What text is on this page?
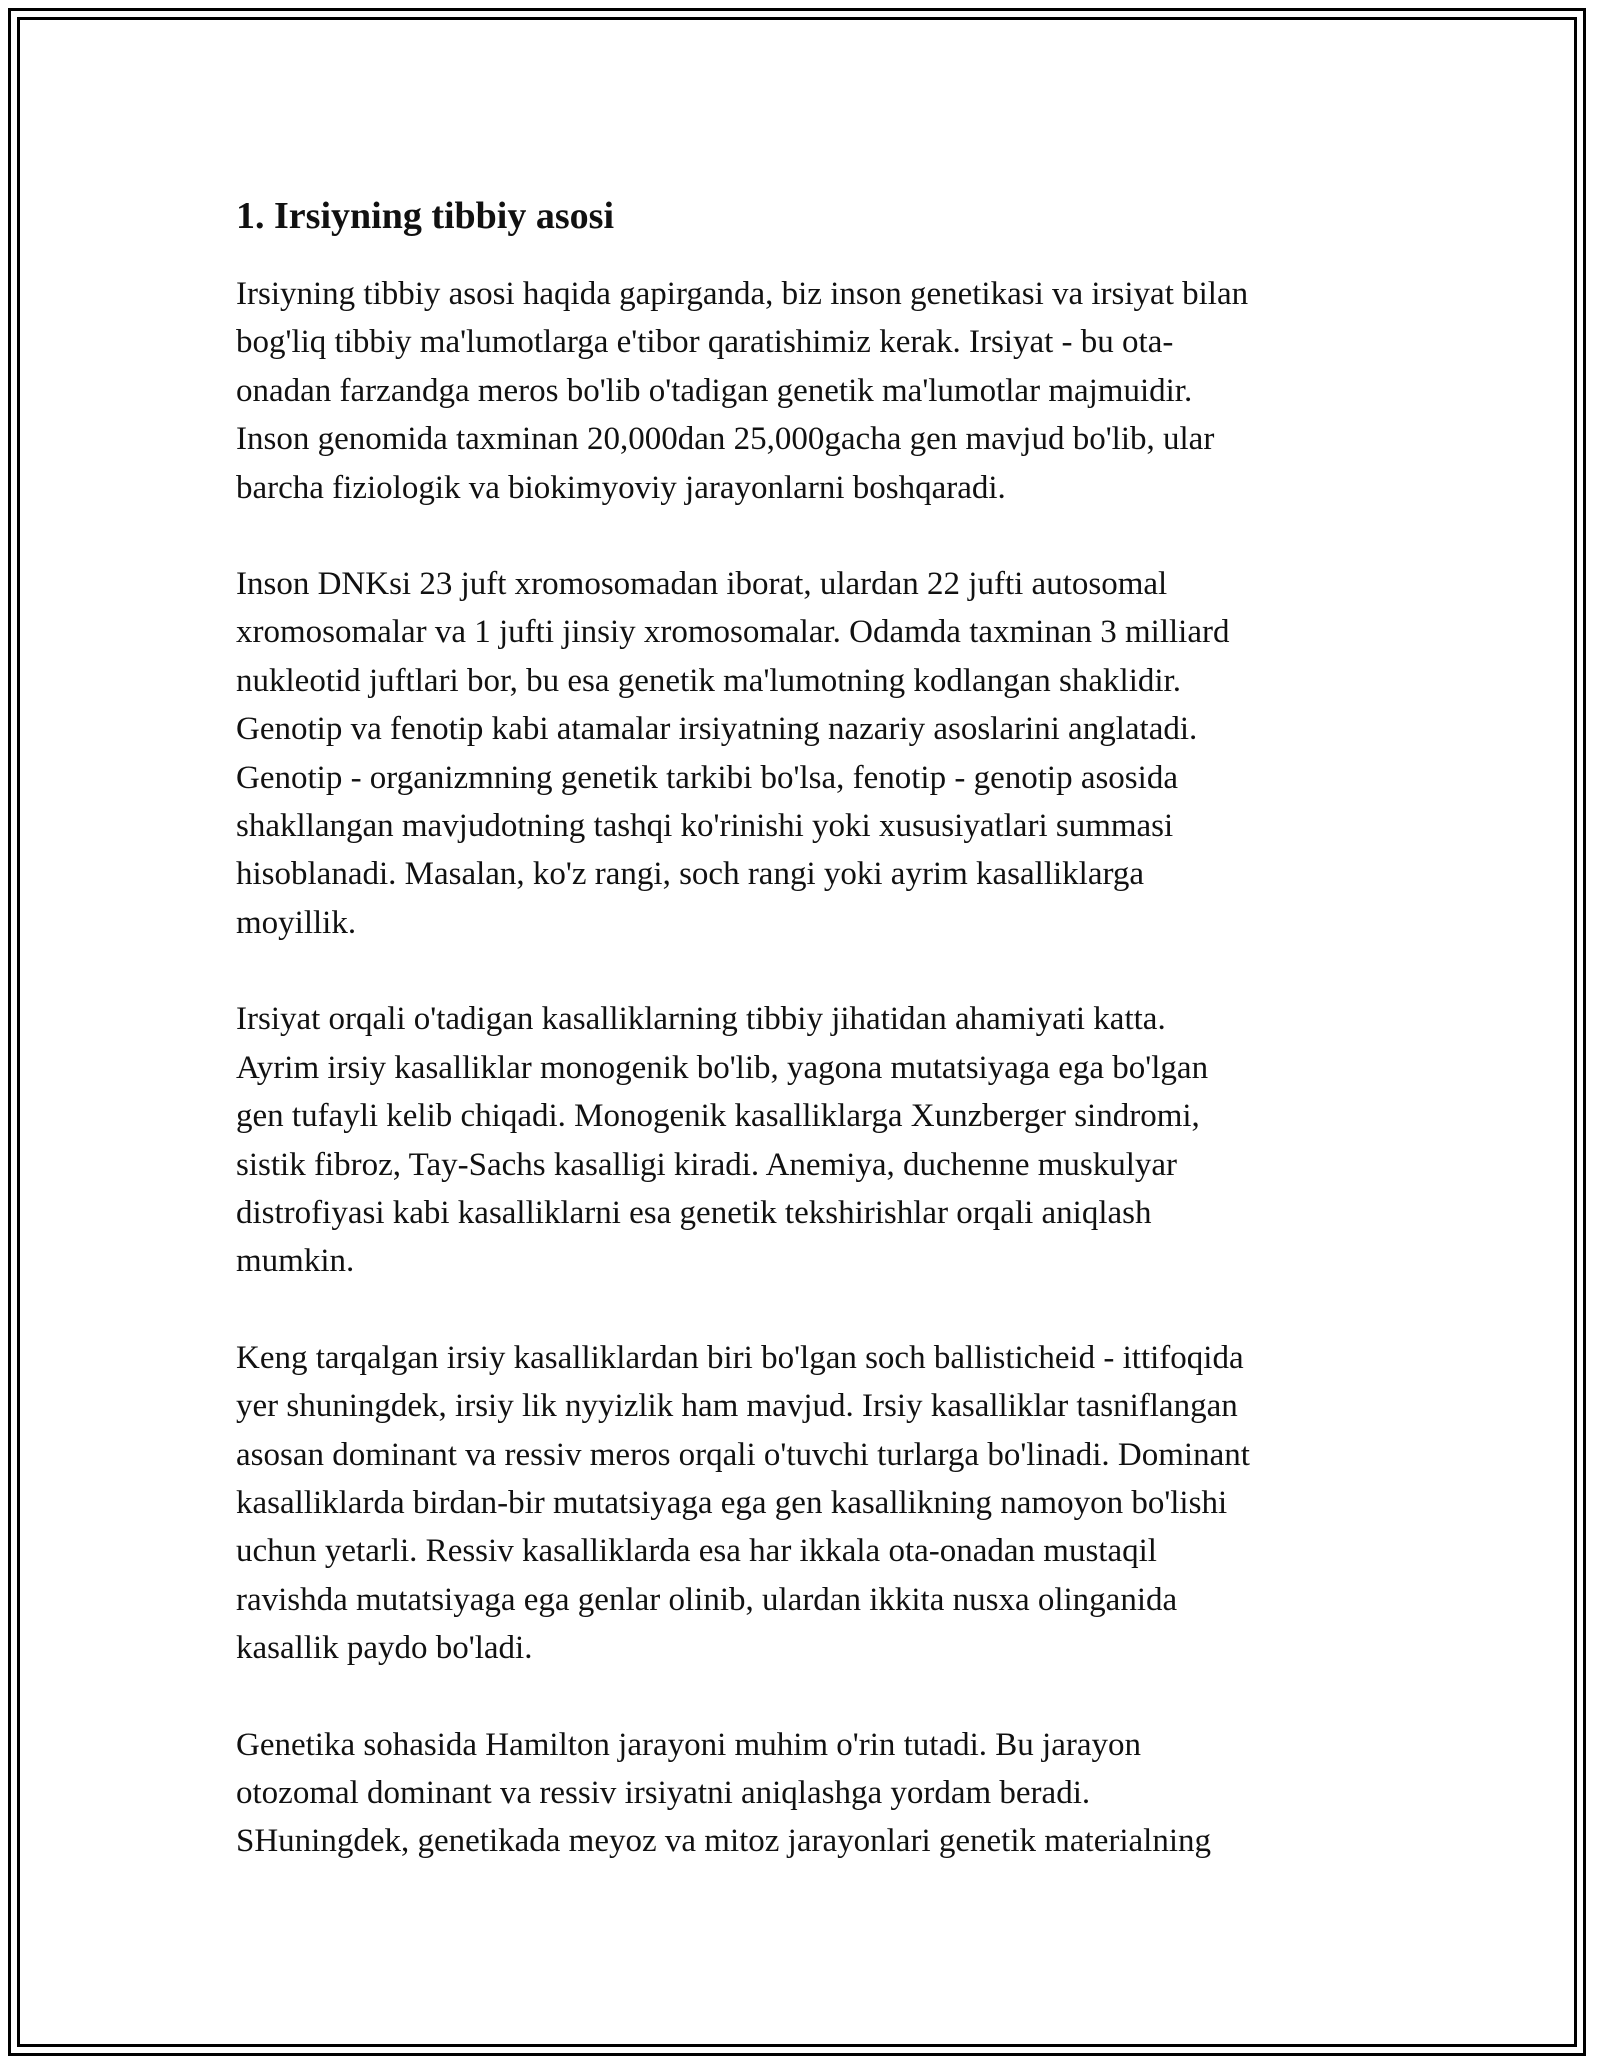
1. Irsiyning tibbiy asosi

Irsiyning tibbiy asosi haqida gapirganda, biz inson genetikasi va irsiyat bilan
bog'liq tibbiy ma'lumotlarga e'tibor qaratishimiz kerak. Irsiyat - bu ota-
onadan farzandga meros bo'lib o'tadigan genetik ma'lumotlar majmuidir.
Inson genomida taxminan 20,000dan 25,000gacha gen mavjud bo'lib, ular
barcha fiziologik va biokimyoviy jarayonlarni boshqaradi.

Inson DNKsi 23 juft xromosomadan iborat, ulardan 22 jufti autosomal
xromosomalar va 1 jufti jinsiy xromosomalar. Odamda taxminan 3 milliard
nukleotid juftlari bor, bu esa genetik ma'lumotning kodlangan shaklidir.
Genotip va fenotip kabi atamalar irsiyatning nazariy asoslarini anglatadi.
Genotip - organizmning genetik tarkibi bo'lsa, fenotip - genotip asosida
shakllangan mavjudotning tashqi ko'rinishi yoki xususiyatlari summasi
hisoblanadi. Masalan, ko'z rangi, soch rangi yoki ayrim kasalliklarga
moyillik.

Irsiyat orqali o'tadigan kasalliklarning tibbiy jihatidan ahamiyati katta.
Ayrim irsiy kasalliklar monogenik bo'lib, yagona mutatsiyaga ega bo'lgan
gen tufayli kelib chiqadi. Monogenik kasalliklarga Xunzberger sindromi,
sistik fibroz, Tay-Sachs kasalligi kiradi. Anemiya, duchenne muskulyar
distrofiyasi kabi kasalliklarni esa genetik tekshirishlar orqali aniqlash
mumkin.

Keng tarqalgan irsiy kasalliklardan biri bo'lgan soch ballisticheid - ittifoqida
yer shuningdek, irsiy lik nyyizlik ham mavjud. Irsiy kasalliklar tasniflangan
asosan dominant va ressiv meros orqali o'tuvchi turlarga bo'linadi. Dominant
kasalliklarda birdan-bir mutatsiyaga ega gen kasallikning namoyon bo'lishi
uchun yetarli. Ressiv kasalliklarda esa har ikkala ota-onadan mustaqil
ravishda mutatsiyaga ega genlar olinib, ulardan ikkita nusxa olinganida
kasallik paydo bo'ladi.

Genetika sohasida Hamilton jarayoni muhim o'rin tutadi. Bu jarayon
otozomal dominant va ressiv irsiyatni aniqlashga yordam beradi.
SHuningdek, genetikada meyoz va mitoz jarayonlari genetik materialning
